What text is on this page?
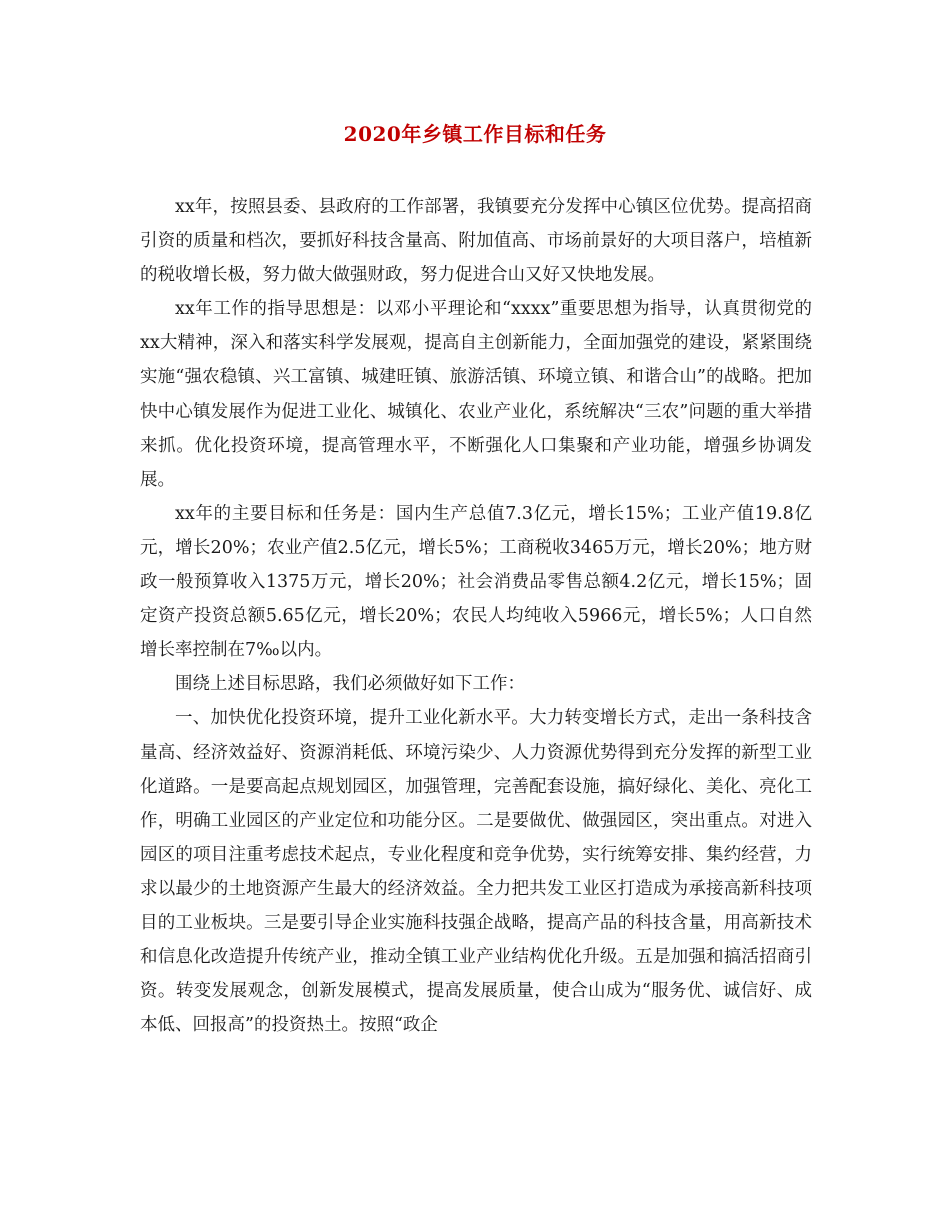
2020年乡镇工作目标和任务

xx年，按照县委、县政府的工作部署，我镇要充分发挥中心镇区位优势。提高招商引资的质量和档次，要抓好科技含量高、附加值高、市场前景好的大项目落户，培植新的税收增长极，努力做大做强财政，努力促进合山又好又快地发展。

xx年工作的指导思想是：以邓小平理论和“xxxx”重要思想为指导，认真贯彻党的xx大精神，深入和落实科学发展观，提高自主创新能力，全面加强党的建设，紧紧围绕实施“强农稳镇、兴工富镇、城建旺镇、旅游活镇、环境立镇、和谐合山”的战略。把加快中心镇发展作为促进工业化、城镇化、农业产业化，系统解决“三农”问题的重大举措来抓。优化投资环境，提高管理水平，不断强化人口集聚和产业功能，增强乡协调发展。

xx年的主要目标和任务是：国内生产总值7.3亿元，增长15%；工业产值19.8亿元，增长20%；农业产值2.5亿元，增长5%；工商税收3465万元，增长20%；地方财政一般预算收入1375万元，增长20%；社会消费品零售总额4.2亿元，增长15%；固定资产投资总额5.65亿元，增长20%；农民人均纯收入5966元，增长5%；人口自然增长率控制在7‰以内。

围绕上述目标思路，我们必须做好如下工作：

一、加快优化投资环境，提升工业化新水平。大力转变增长方式，走出一条科技含量高、经济效益好、资源消耗低、环境污染少、人力资源优势得到充分发挥的新型工业化道路。一是要高起点规划园区，加强管理，完善配套设施，搞好绿化、美化、亮化工作，明确工业园区的产业定位和功能分区。二是要做优、做强园区，突出重点。对进入园区的项目注重考虑技术起点，专业化程度和竞争优势，实行统筹安排、集约经营，力求以最少的土地资源产生最大的经济效益。全力把共发工业区打造成为承接高新科技项目的工业板块。三是要引导企业实施科技强企战略，提高产品的科技含量，用高新技术和信息化改造提升传统产业，推动全镇工业产业结构优化升级。五是加强和搞活招商引资。转变发展观念，创新发展模式，提高发展质量，使合山成为“服务优、诚信好、成本低、回报高”的投资热土。按照“政企
